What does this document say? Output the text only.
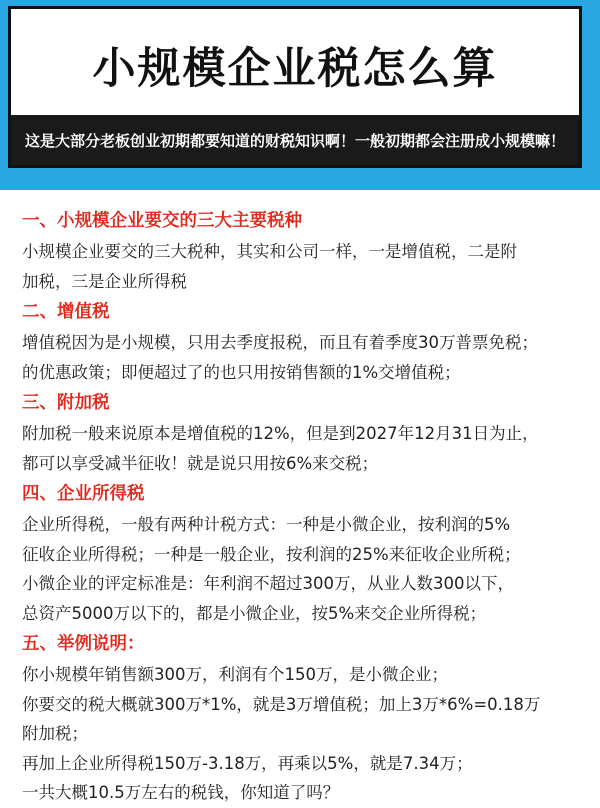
小规模企业税怎么算
这是大部分老板创业初期都要知道的财税知识啊！一般初期都会注册成小规模嘛！
一、小规模企业要交的三大主要税种
小规模企业要交的三大税种，其实和公司一样，一是增值税，二是附
加税，三是企业所得税
二、增值税
增值税因为是小规模，只用去季度报税，而且有着季度30万普票免税；
的优惠政策；即便超过了的也只用按销售额的1%交增值税；
三、附加税
附加税一般来说原本是增值税的12%，但是到2027年12月31日为止，
都可以享受减半征收！就是说只用按6%来交税；
四、企业所得税
企业所得税，一般有两种计税方式：一种是小微企业，按利润的5%
征收企业所得税；一种是一般企业，按利润的25%来征收企业所税；
小微企业的评定标准是：年利润不超过300万，从业人数300以下，
总资产5000万以下的，都是小微企业，按5%来交企业所得税；
五、举例说明：
你小规模年销售额300万，利润有个150万，是小微企业；
你要交的税大概就300万*1%，就是3万增值税；加上3万*6%=0.18万
附加税；
再加上企业所得税150万-3.18万，再乘以5%，就是7.34万；
一共大概10.5万左右的税钱，你知道了吗？
